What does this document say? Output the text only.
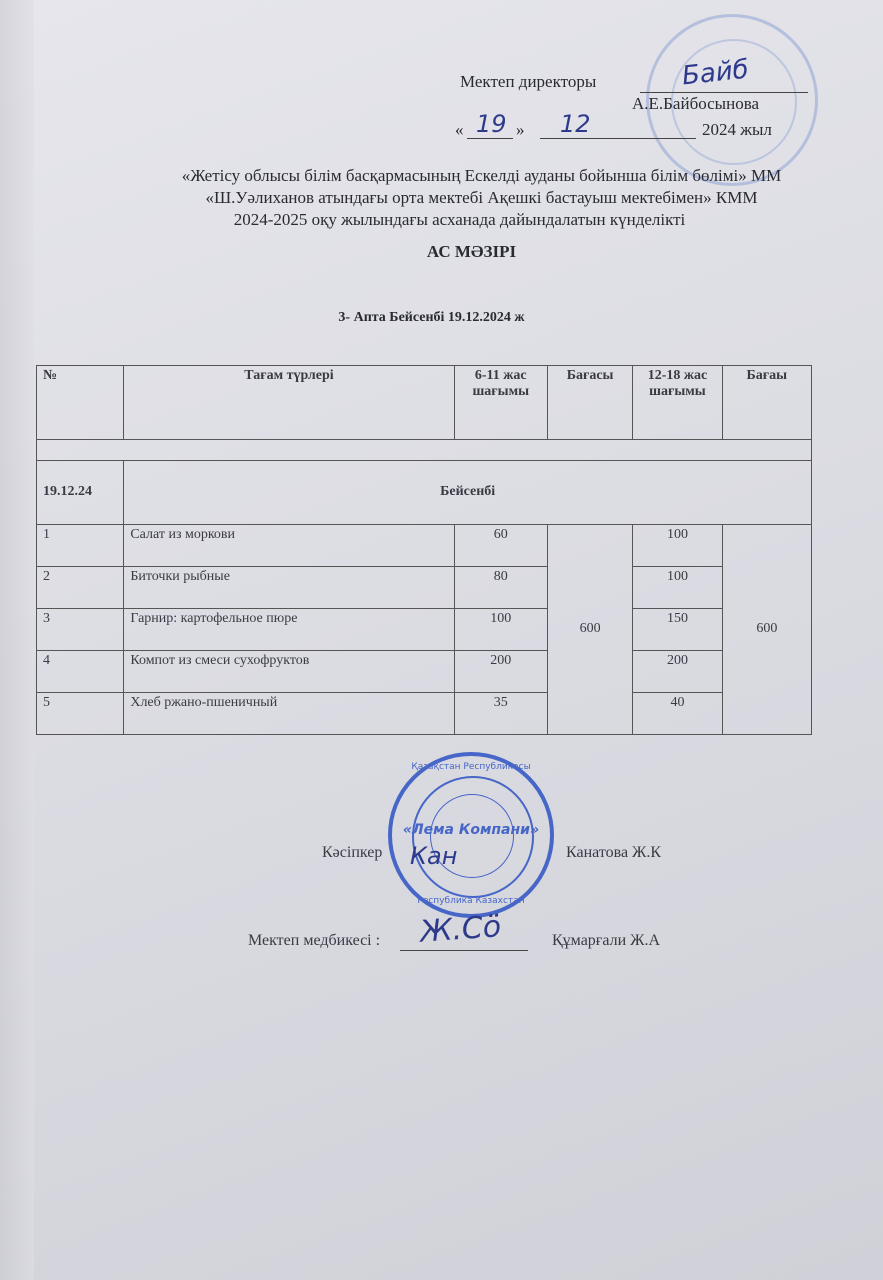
Мектеп директоры	Байб
А.Е.Байбосынова
« 19 » 12	2024 жыл
«Жетісу облысы білім басқармасының Ескелді ауданы бойынша білім бөлімі» ММ
«Ш.Уәлиханов атындағы орта мектебі Ақешкі бастауыш мектебімен» КММ
2024-2025 оқу жылындағы асханада дайындалатын күнделікті
АС МӘЗІРІ
3- Апта Бейсенбі 19.12.2024 ж
№	Тағам түрлері	6-11 жас шағымы	Бағасы	12-18 жас шағымы	Бағаы

19.12.24	Бейсенбі				
1	Салат из моркови	60	600	100	600
2	Биточки рыбные	80		100	
3	Гарнир: картофельное пюре	100		150	
4	Компот из смеси сухофруктов	200		200	
5	Хлеб ржано-пшеничный	35		40	
Қазақстан Республикасы
«Лема Компани»
Республика Казахстан
Кан
Кәсіпкер	Канатова Ж.К
Мектеп медбикесі : Ж.Сӧ	Құмарғали Ж.А
